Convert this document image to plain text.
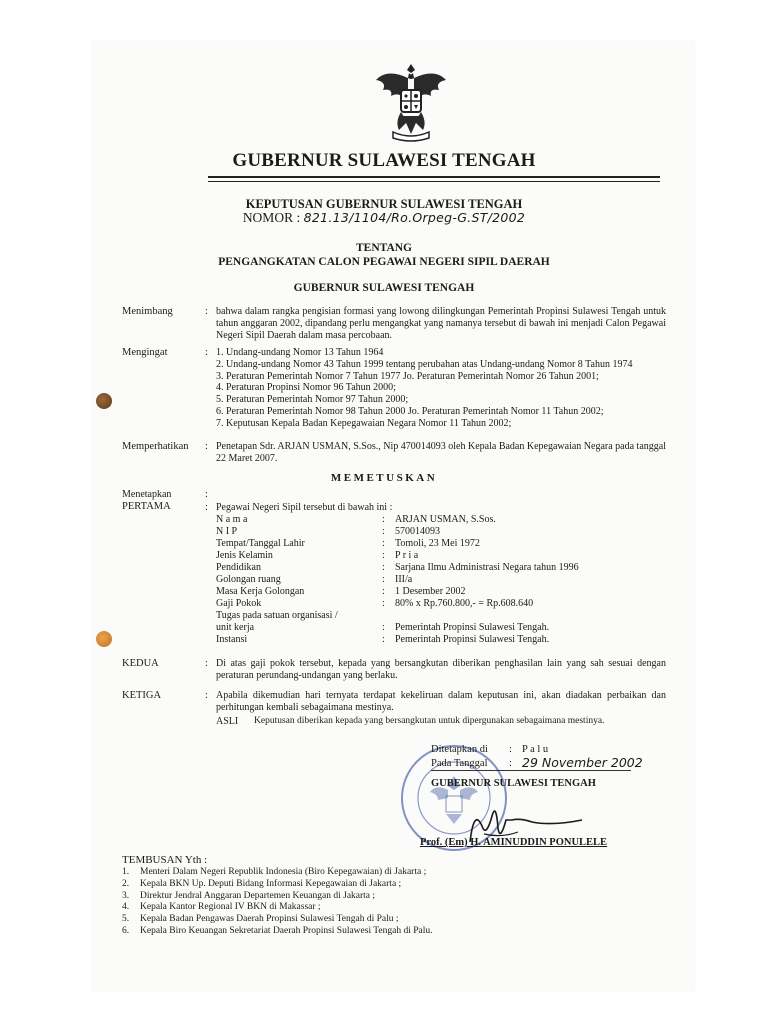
GUBERNUR SULAWESI TENGAH
KEPUTUSAN GUBERNUR SULAWESI TENGAH
NOMOR : 821.13/1104/Ro.Orpeg-G.ST/2002
TENTANG
PENGANGKATAN CALON PEGAWAI NEGERI SIPIL DAERAH
GUBERNUR SULAWESI TENGAH
Menimbang	: bahwa dalam rangka pengisian formasi yang lowong dilingkungan Pemerintah Propinsi Sulawesi Tengah untuk tahun anggaran 2002, dipandang perlu mengangkat yang namanya tersebut di bawah ini menjadi Calon Pegawai Negeri Sipil Daerah dalam masa percobaan.
Mengingat	: 1. Undang-undang Nomor 13 Tahun 1964
2. Undang-undang Nomor 43 Tahun 1999 tentang perubahan atas Undang-undang Nomor 8 Tahun 1974
3. Peraturan Pemerintah Nomor 7 Tahun 1977 Jo. Peraturan Pemerintah Nomor 26 Tahun 2001;
4. Peraturan Propinsi Nomor 96 Tahun 2000;
5. Peraturan Pemerintah Nomor 97 Tahun 2000;
6. Peraturan Pemerintah Nomor 98 Tahun 2000 Jo. Peraturan Pemerintah Nomor 11 Tahun 2002;
7. Keputusan Kepala Badan Kepegawaian Negara Nomor 11 Tahun 2002;
Memperhatikan : Penetapan Sdr. ARJAN USMAN, S.Sos., Nip 470014093 oleh Kepala Badan Kepegawaian Negara pada tanggal 22 Maret 2007.
MEMETUSKAN
Menetapkan	:
PERTAMA	: Pegawai Negeri Sipil tersebut di bawah ini :
N a m a	: ARJAN USMAN, S.Sos.
N I P	: 570014093
Tempat/Tanggal Lahir	: Tomoli, 23 Mei 1972
Jenis Kelamin	: P r i a
Pendidikan	: Sarjana Ilmu Administrasi Negara tahun 1996
Golongan ruang	: III/a
Masa Kerja Golongan	: 1 Desember 2002
Gaji Pokok	: 80% x Rp.760.800,- = Rp.608.640
Tugas pada satuan organisasi /
unit kerja	: Pemerintah Propinsi Sulawesi Tengah.
Instansi	: Pemerintah Propinsi Sulawesi Tengah.
KEDUA	: Di atas gaji pokok tersebut, kepada yang bersangkutan diberikan penghasilan lain yang sah sesuai dengan peraturan perundang-undangan yang berlaku.
KETIGA	: Apabila dikemudian hari ternyata terdapat kekeliruan dalam keputusan ini, akan diadakan perbaikan dan perhitungan kembali sebagaimana mestinya.
ASLI Keputusan diberikan kepada yang bersangkutan untuk dipergunakan sebagaimana mestinya.
Ditetapkan di : P a l u
Pada Tanggal : 29 November 2002
GUBERNUR SULAWESI TENGAH
Prof. (Em) H. AMINUDDIN PONULELE
TEMBUSAN Yth :
1. Menteri Dalam Negeri Republik Indonesia (Biro Kepegawaian) di Jakarta ;
2. Kepala BKN Up. Deputi Bidang Informasi Kepegawaian di Jakarta ;
3. Direktur Jendral Anggaran Departemen Keuangan di Jakarta ;
4. Kepala Kantor Regional IV BKN di Makassar ;
5. Kepala Badan Pengawas Daerah Propinsi Sulawesi Tengah di Palu ;
6. Kepala Biro Keuangan Sekretariat Daerah Propinsi Sulawesi Tengah di Palu.
